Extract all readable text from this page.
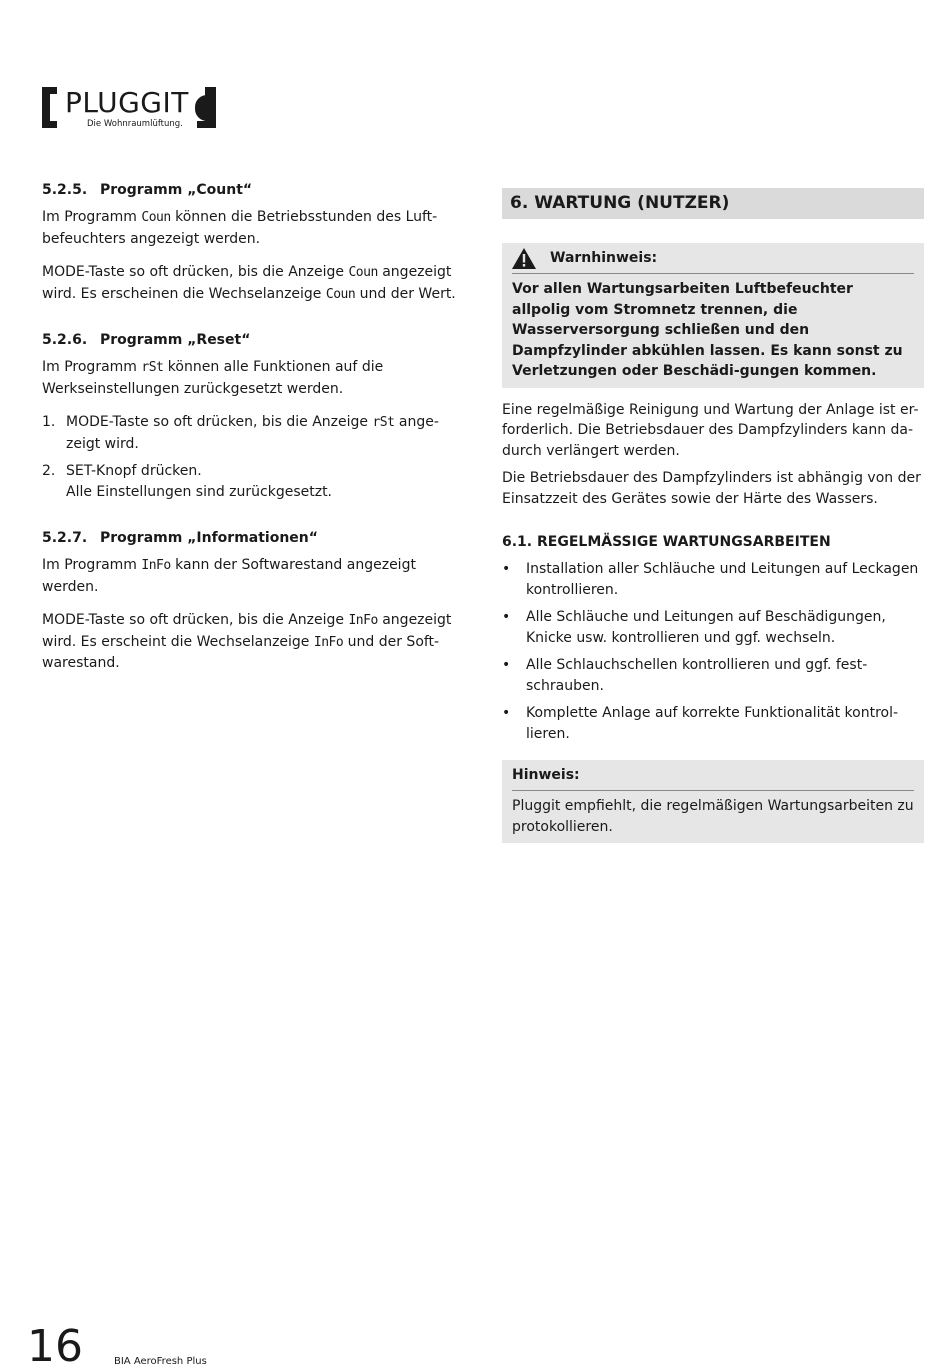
PLUGGIT
Die Wohnraumlüftung.
5.2.5. Programm „Count“

Im Programm Coun können die Betriebsstunden des Luft-befeuchters angezeigt werden.

MODE-Taste so oft drücken, bis die Anzeige Coun angezeigt wird. Es erscheinen die Wechselanzeige Coun und der Wert.

5.2.6. Programm „Reset“

Im Programm rSt können alle Funktionen auf die Werkseinstellungen zurückgesetzt werden.

1. MODE-Taste so oft drücken, bis die Anzeige rSt ange-zeigt wird.
2. SET-Knopf drücken.
Alle Einstellungen sind zurückgesetzt.
5.2.7. Programm „Informationen“

Im Programm InFo kann der Softwarestand angezeigt werden.

MODE-Taste so oft drücken, bis die Anzeige InFo angezeigt wird. Es erscheint die Wechselanzeige InFo und der Soft-warestand.

6. WARTUNG (NUTZER)
Warnhinweis:
Vor allen Wartungsarbeiten Luftbefeuchter allpolig vom Stromnetz trennen, die Wasserversorgung schließen und den Dampfzylinder abkühlen lassen. Es kann sonst zu Verletzungen oder Beschädi-gungen kommen.

Eine regelmäßige Reinigung und Wartung der Anlage ist er-forderlich. Die Betriebsdauer des Dampfzylinders kann da-durch verlängert werden.

Die Betriebsdauer des Dampfzylinders ist abhängig von der Einsatzzeit des Gerätes sowie der Härte des Wassers.

6.1. REGELMÄSSIGE WARTUNGSARBEITEN
• Installation aller Schläuche und Leitungen auf Leckagen kontrollieren.
• Alle Schläuche und Leitungen auf Beschädigungen, Knicke usw. kontrollieren und ggf. wechseln.
• Alle Schlauchschellen kontrollieren und ggf. fest-schrauben.
• Komplette Anlage auf korrekte Funktionalität kontrol-lieren.
Hinweis:
Pluggit empfiehlt, die regelmäßigen Wartungsarbeiten zu protokollieren.
16	BIA AeroFresh Plus
